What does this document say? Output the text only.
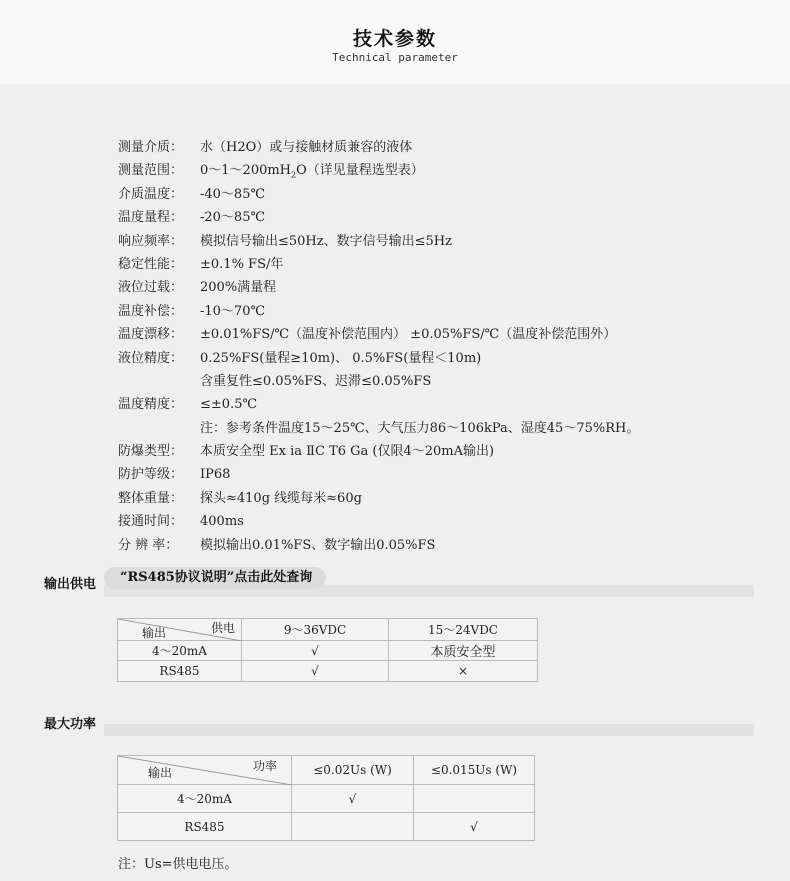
技术参数
Technical parameter
测量介质：	水（H2O）或与接触材质兼容的液体
测量范围：	$0\sim 1\sim 200mH_2O$（详见量程选型表）
介质温度：	-40～85℃
温度量程：	-20～85℃
响应频率：	模拟信号输出≤50Hz、数字信号输出≤5Hz
稳定性能：	±0.1% FS/年
液位过载：	200%满量程
温度补偿：	-10～70℃
温度漂移：	±0.01%FS/℃（温度补偿范围内） ±0.05%FS/℃（温度补偿范围外）
液位精度：	0.25%FS(量程≥10m)、 0.5%FS(量程＜10m)
含重复性≤0.05%FS、迟滞≤0.05%FS
温度精度：	≤±0.5℃
注：参考条件温度15～25℃、大气压力86～106kPa、湿度45～75%RH。
防爆类型：	本质安全型 Ex ia ⅡC T6 Ga (仅限4～20mA输出)
防护等级：	IP68
整体重量：	探头≈410g 线缆每米≈60g
接通时间：	400ms
分 辨 率：	模拟输出0.01%FS、数字输出0.05%FS
输出供电	“RS485协议说明”点击此处查询
供电
输出	9～36VDC	15～24VDC
4～20mA	√	本质安全型
RS485	√	×
最大功率
功率
输出	≤0.02Us (W)	≤0.015Us (W)
4～20mA	√	
RS485		√
注：Us=供电电压。
